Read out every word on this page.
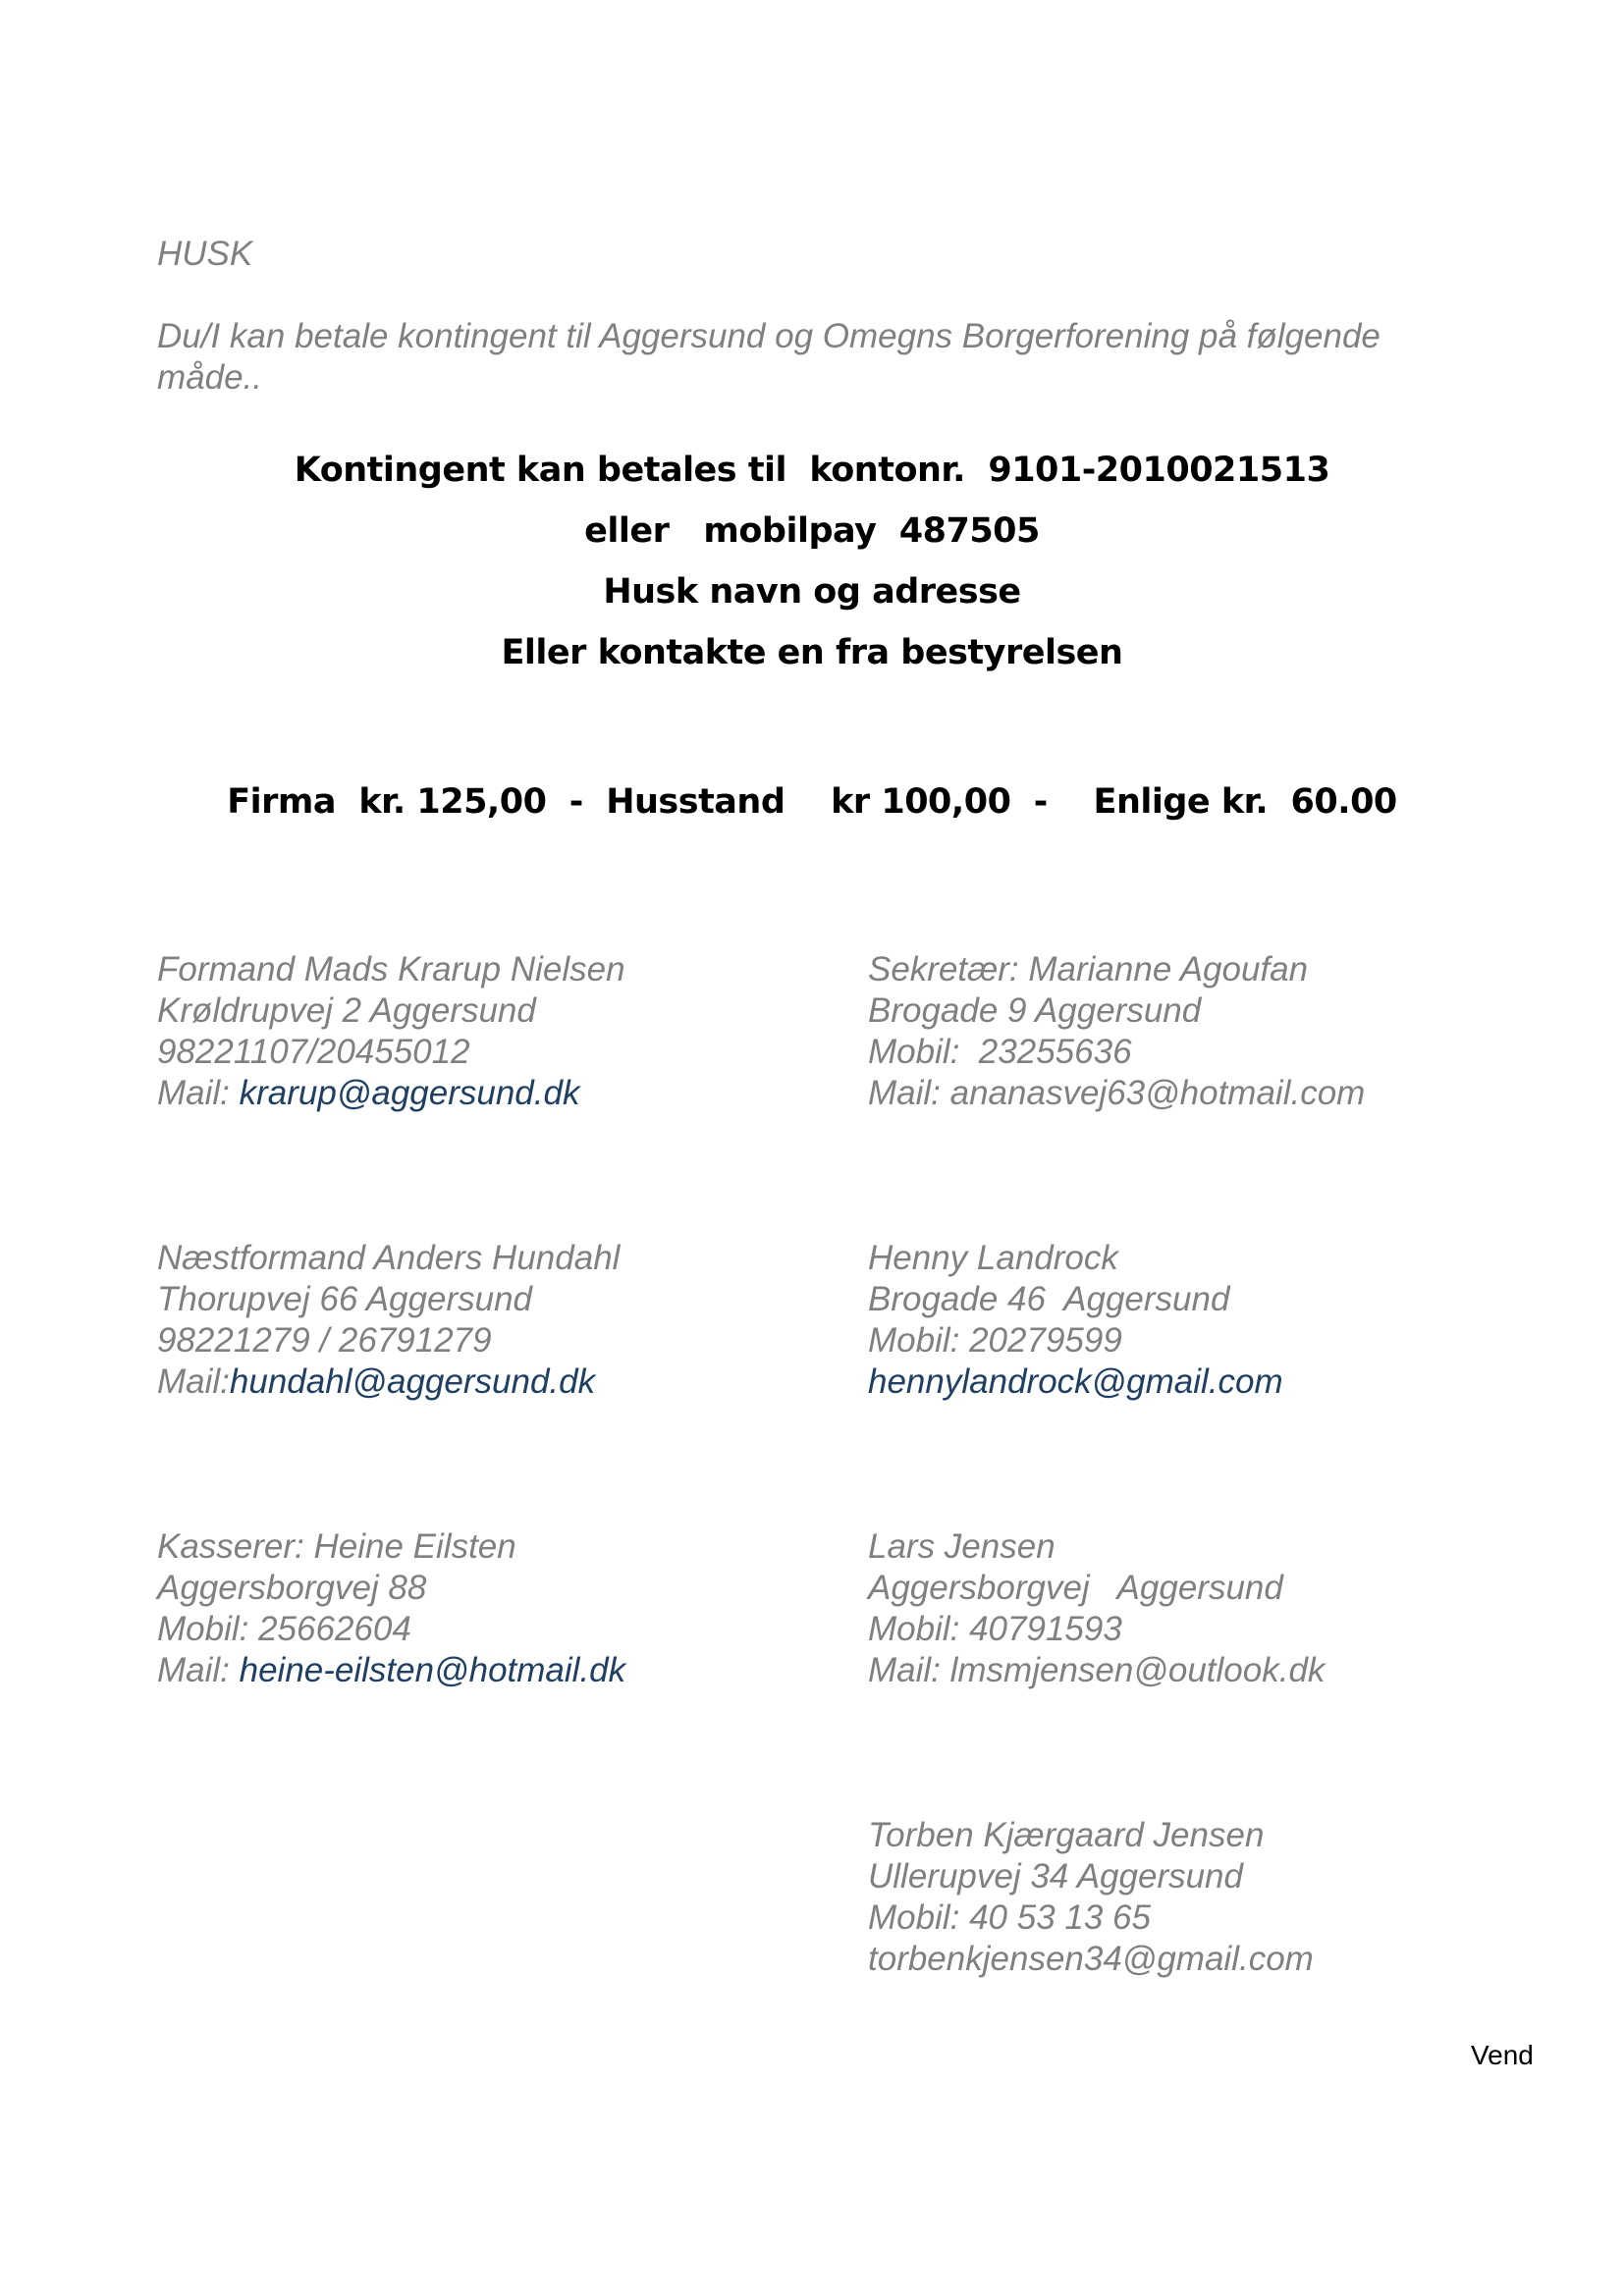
HUSK

Du/I kan betale kontingent til Aggersund og Omegns Borgerforening på følgende måde..

Kontingent kan betales til  kontonr.  9101-2010021513

eller   mobilpay  487505

Husk navn og adresse

Eller kontakte en fra bestyrelsen

Firma  kr. 125,00  -  Husstand    kr 100,00  -    Enlige kr.  60.00

Formand Mads Krarup Nielsen
Krøldrupvej 2 Aggersund
98221107/20455012
Mail: krarup@aggersund.dk
Næstformand Anders Hundahl
Thorupvej 66 Aggersund
98221279 / 26791279
Mail:hundahl@aggersund.dk
Kasserer: Heine Eilsten
Aggersborgvej 88
Mobil: 25662604
Mail: heine-eilsten@hotmail.dk
Sekretær: Marianne Agoufan
Brogade 9 Aggersund
Mobil:  23255636
Mail: ananasvej63@hotmail.com
Henny Landrock
Brogade 46  Aggersund
Mobil: 20279599
hennylandrock@gmail.com
Lars Jensen
Aggersborgvej   Aggersund
Mobil: 40791593
Mail: lmsmjensen@outlook.dk
Torben Kjærgaard Jensen
Ullerupvej 34 Aggersund
Mobil: 40 53 13 65
torbenkjensen34@gmail.com
Vend
